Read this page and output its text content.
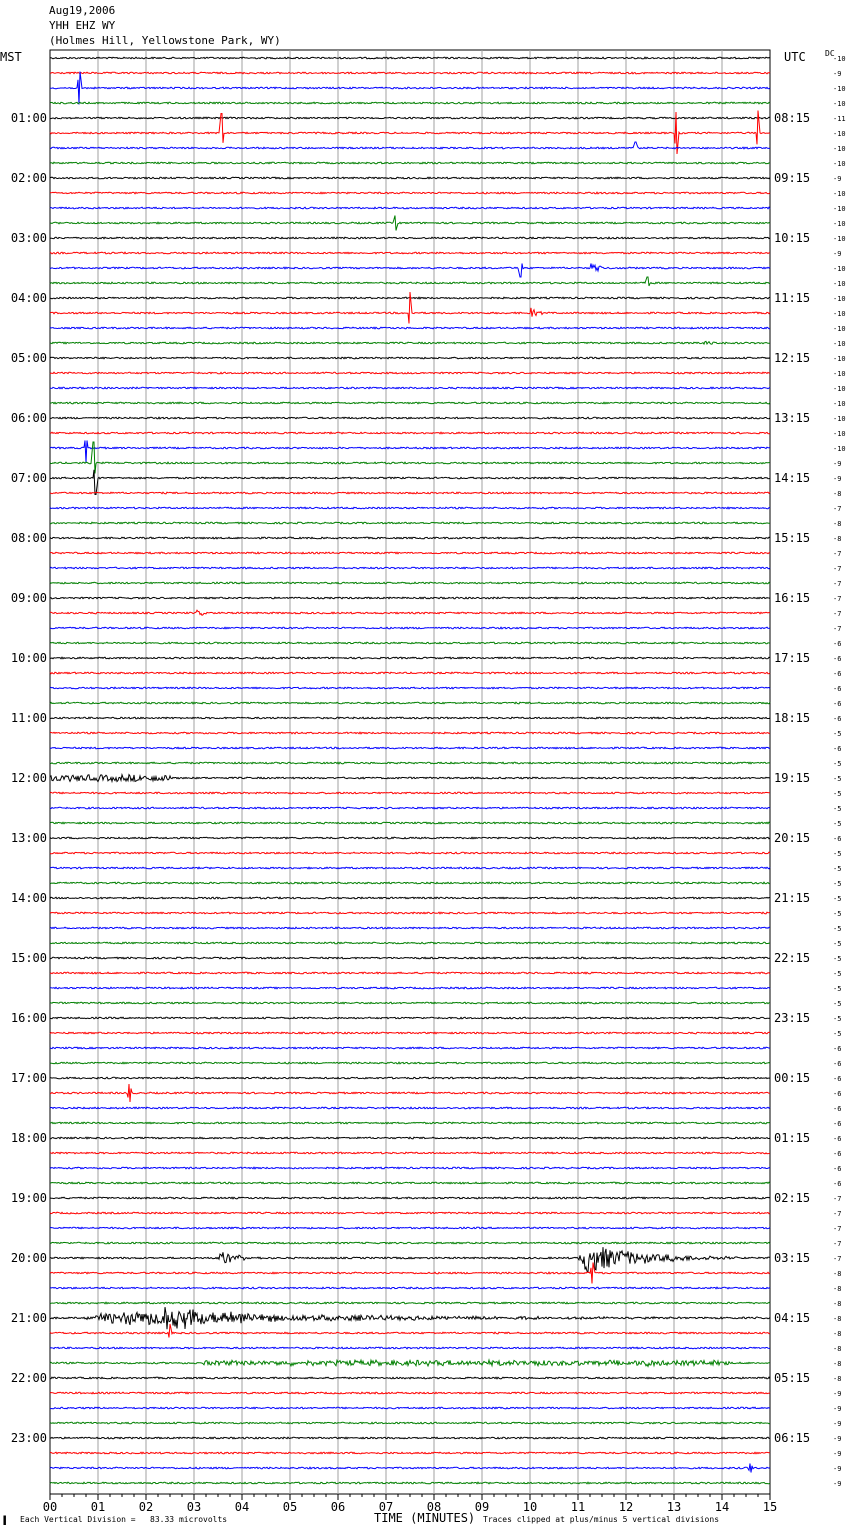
Aug19,2006
YHH EHZ WY
(Holmes Hill, Yellowstone Park, WY)
MST	UTC DC
00	01	02	03	04	05	06	07	08	09	10	11	12	13	14	15
-10
-9
-10
-10
-11
-10
-10
-10
-9
-10
-10
-10
-10
-9
-10
-10
-10
-10
-10
-10
-10
-10
-10
-10
-10
-10
-10
-9
-9
-8
-7
-8
-8
-7
-7
-7
-7
-7
-7
-6
-6
-6
-6
-6
-6
-5
-6
-5
-5
-5
-5
-5
-6
-5
-5
-5
-5
-5
-5
-5
-5
-5
-5
-5
-5
-5
-6
-6
-6
-6
-6
-6
-6
-6
-6
-6
-7
-7
-7
-7
-7
-8
-8
-8
-8
-8
-8
-8
-8
-9
-9
-9
-9
-9
-9
-9
01:00
02:00
03:00
04:00
05:00
06:00
07:00
08:00
09:00
10:00
11:00
12:00
13:00
14:00
15:00
16:00
17:00
18:00
19:00
20:00
21:00
22:00
23:00
08:15
09:15
10:15
11:15
12:15
13:15
14:15
15:15
16:15
17:15
18:15
19:15
20:15
21:15
22:15
23:15
00:15
01:15
02:15
03:15
04:15
05:15
06:15
▐ Each Vertical Division =   83.33 microvolts	TIME (MINUTES) Traces clipped at plus/minus 5 vertical divisions
